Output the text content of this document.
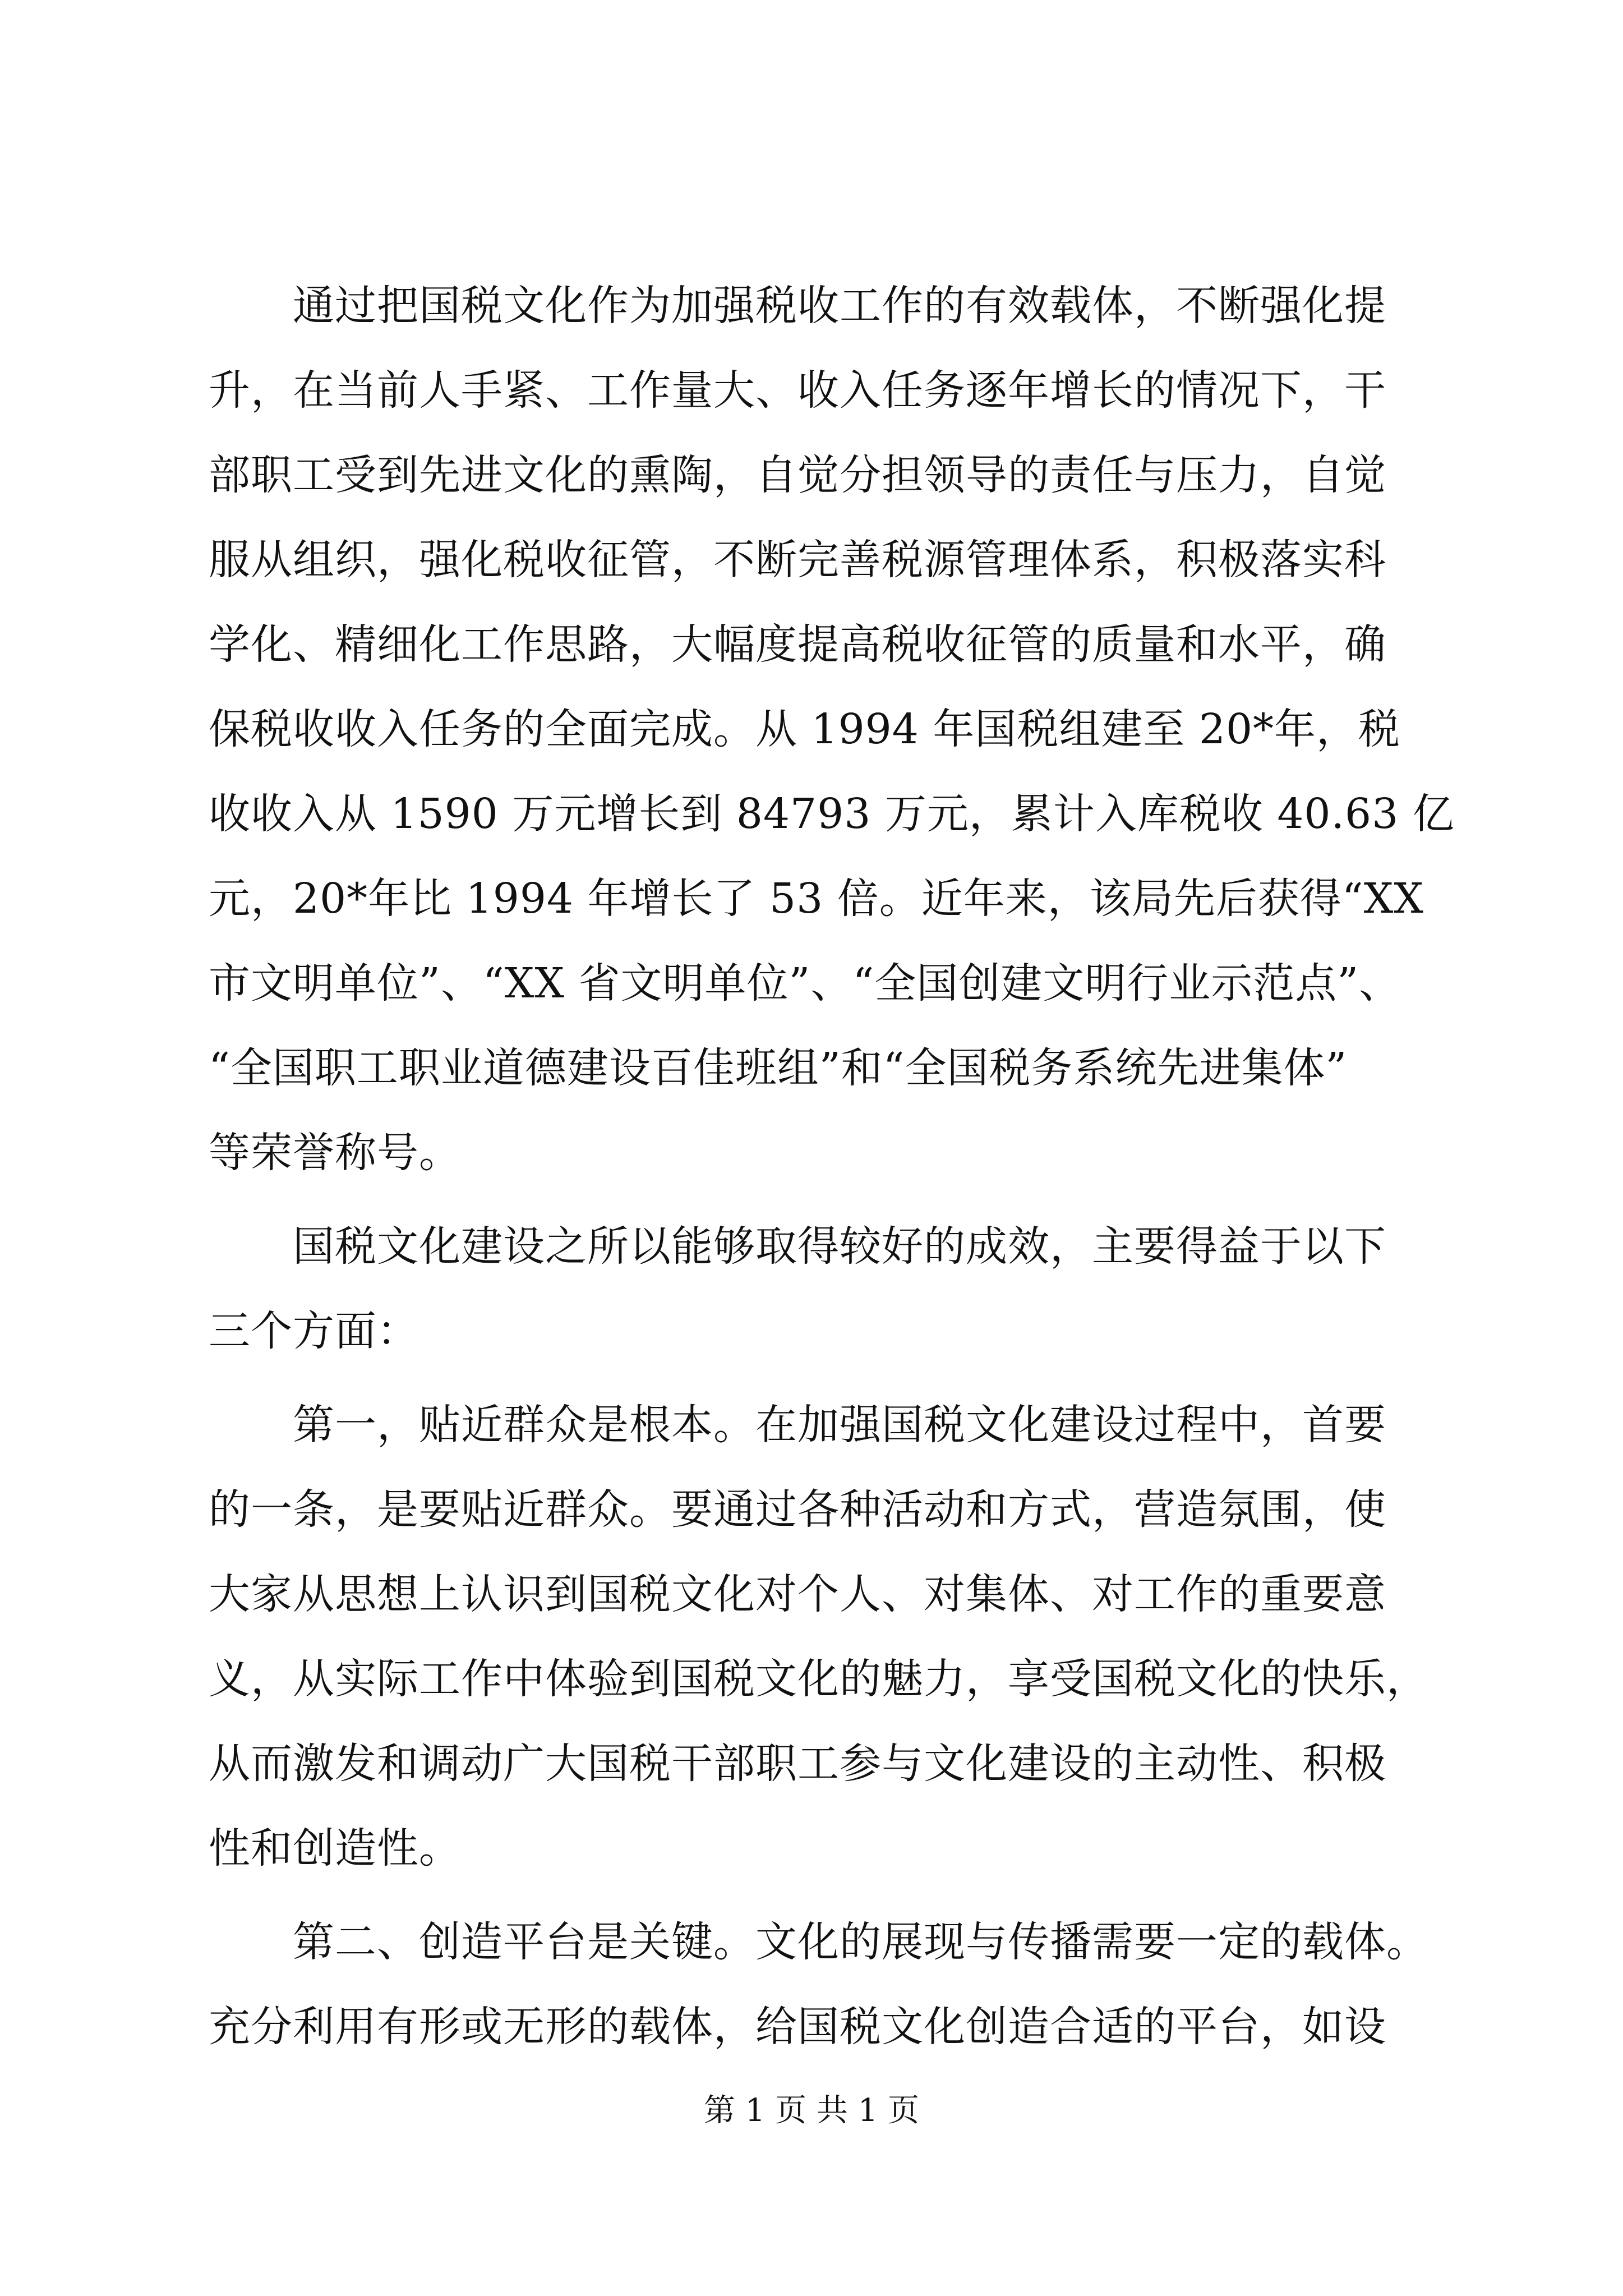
　　通过把国税文化作为加强税收工作的有效载体，不断强化提
升，在当前人手紧、工作量大、收入任务逐年增长的情况下，干
部职工受到先进文化的熏陶，自觉分担领导的责任与压力，自觉
服从组织，强化税收征管，不断完善税源管理体系，积极落实科
学化、精细化工作思路，大幅度提高税收征管的质量和水平，确
保税收收入任务的全面完成。从 1994 年国税组建至 20*年，税
收收入从 1590 万元增长到 84793 万元，累计入库税收 40.63 亿
元，20*年比 1994 年增长了 53 倍。近年来，该局先后获得“XX
市文明单位”、“XX 省文明单位”、“全国创建文明行业示范点”、
“全国职工职业道德建设百佳班组”和“全国税务系统先进集体”
等荣誉称号。
　　国税文化建设之所以能够取得较好的成效，主要得益于以下
三个方面：
　　第一，贴近群众是根本。在加强国税文化建设过程中，首要
的一条，是要贴近群众。要通过各种活动和方式，营造氛围，使
大家从思想上认识到国税文化对个人、对集体、对工作的重要意
义，从实际工作中体验到国税文化的魅力，享受国税文化的快乐，
从而激发和调动广大国税干部职工参与文化建设的主动性、积极
性和创造性。
　　第二、创造平台是关键。文化的展现与传播需要一定的载体。
充分利用有形或无形的载体，给国税文化创造合适的平台，如设
第 1 页 共 1 页
